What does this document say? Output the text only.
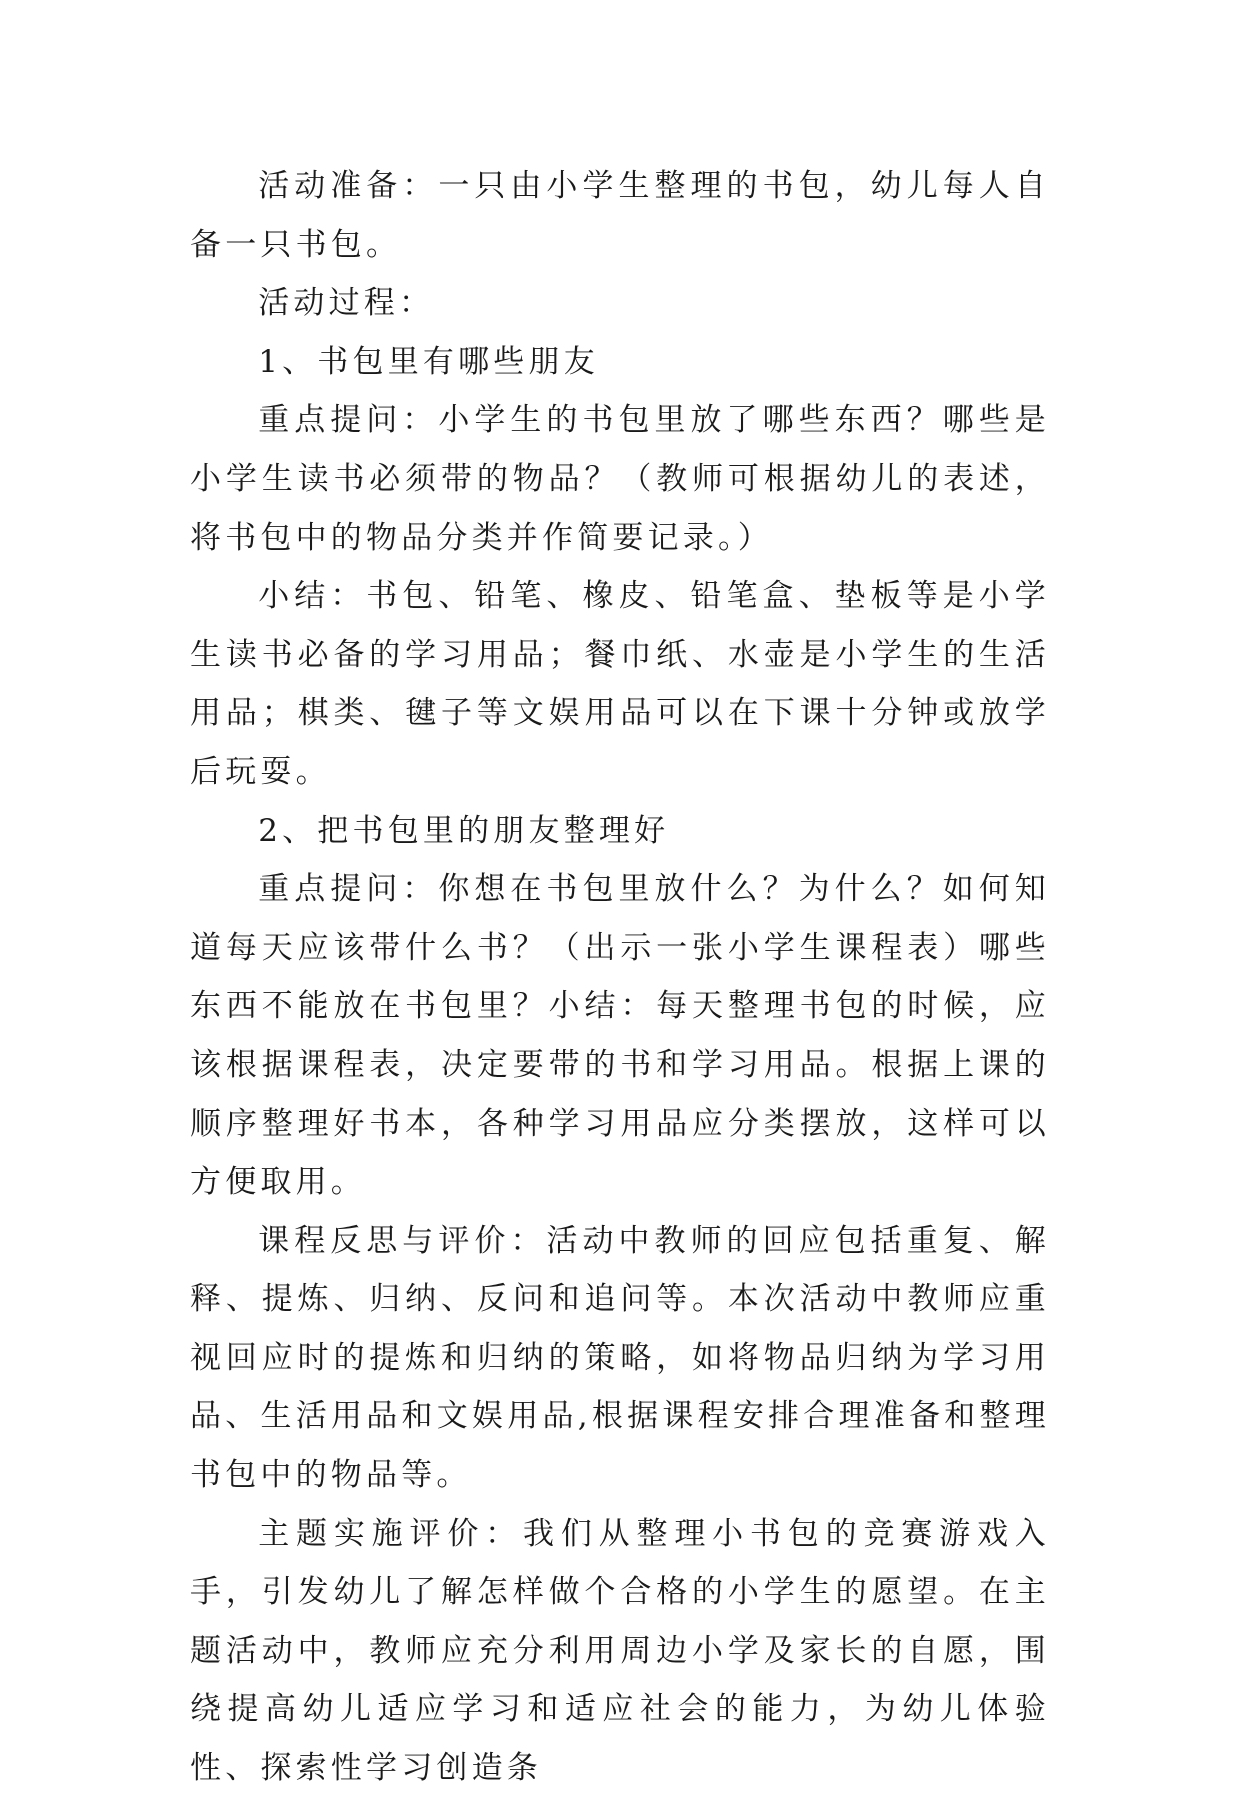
活动准备：一只由小学生整理的书包，幼儿每人自备一只书包。

活动过程：

1、书包里有哪些朋友

重点提问：小学生的书包里放了哪些东西？哪些是小学生读书必须带的物品？（教师可根据幼儿的表述，将书包中的物品分类并作简要记录。）

小结：书包、铅笔、橡皮、铅笔盒、垫板等是小学生读书必备的学习用品；餐巾纸、水壶是小学生的生活用品；棋类、毽子等文娱用品可以在下课十分钟或放学后玩耍。

2、把书包里的朋友整理好

重点提问：你想在书包里放什么？为什么？如何知道每天应该带什么书？（出示一张小学生课程表）哪些东西不能放在书包里？小结：每天整理书包的时候，应该根据课程表，决定要带的书和学习用品。根据上课的顺序整理好书本，各种学习用品应分类摆放，这样可以方便取用。

课程反思与评价：活动中教师的回应包括重复、解释、提炼、归纳、反问和追问等。本次活动中教师应重视回应时的提炼和归纳的策略，如将物品归纳为学习用品、生活用品和文娱用品,根据课程安排合理准备和整理书包中的物品等。

主题实施评价：我们从整理小书包的竞赛游戏入手，引发幼儿了解怎样做个合格的小学生的愿望。在主题活动中，教师应充分利用周边小学及家长的自愿，围绕提高幼儿适应学习和适应社会的能力，为幼儿体验性、探索性学习创造条
